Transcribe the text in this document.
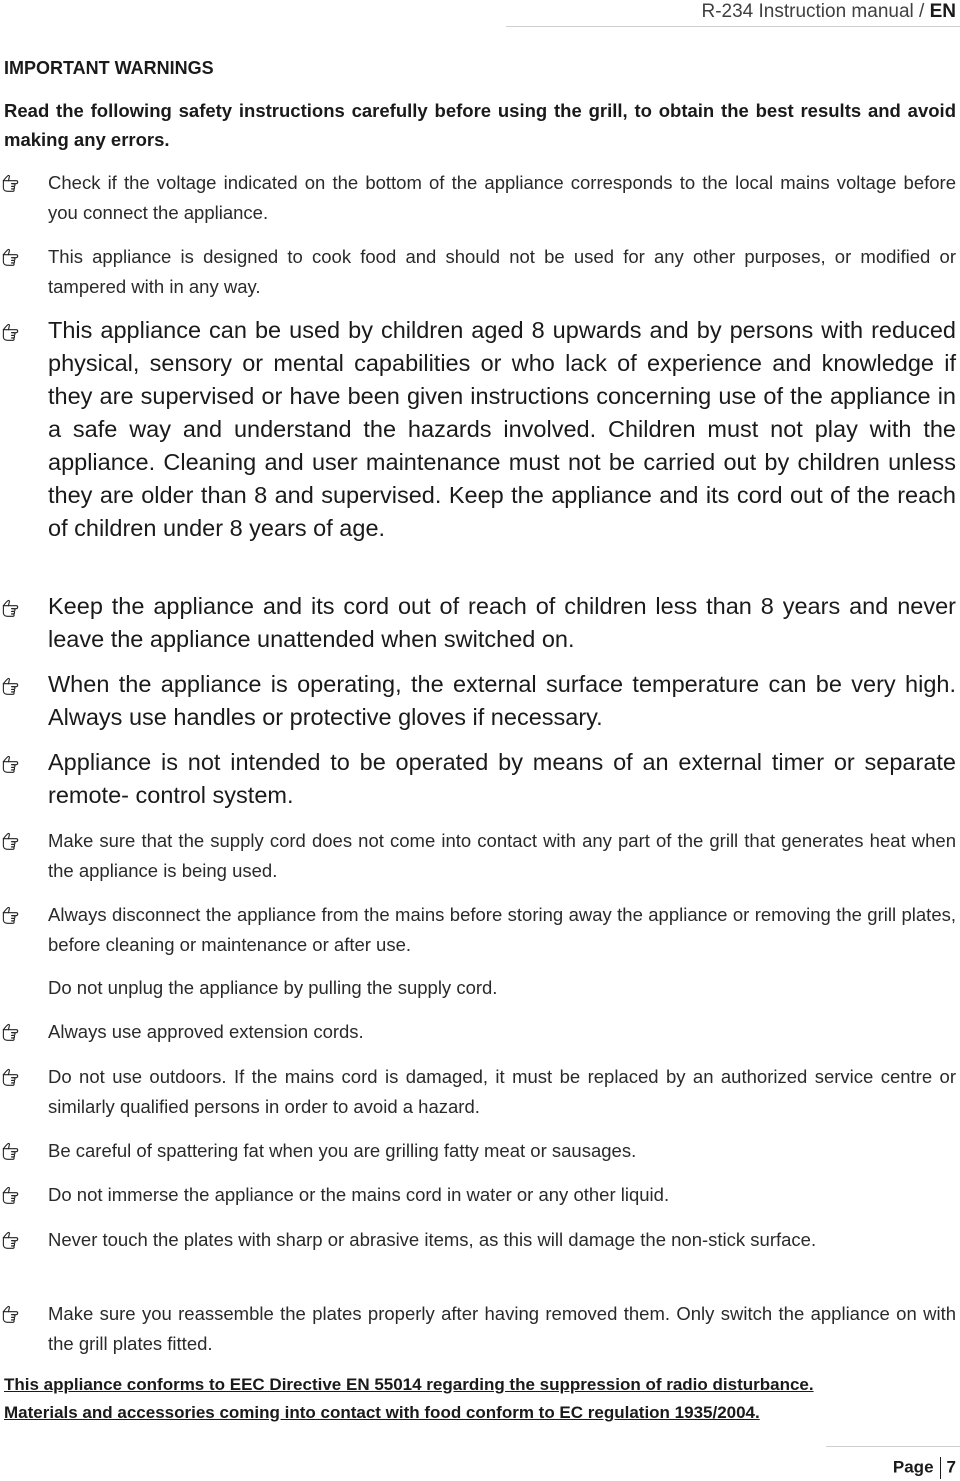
R-234 Instruction manual / EN
IMPORTANT WARNINGS
Read the following safety instructions carefully before using the grill, to obtain the best results and avoid making any errors.
Check if the voltage indicated on the bottom of the appliance corresponds to the local mains voltage before you connect the appliance.
This appliance is designed to cook food and should not be used for any other purposes, or modified or tampered with in any way.
This appliance can be used by children aged 8 upwards and by persons with reduced physical, sensory or mental capabilities or who lack of experience and knowledge if they are supervised or have been given instructions concerning use of the appliance in a safe way and understand the hazards involved. Children must not play with the appliance. Cleaning and user maintenance must not be carried out by children unless they are older than 8 and supervised. Keep the appliance and its cord out of the reach of children under 8 years of age.
Keep the appliance and its cord out of reach of children less than 8 years and never leave the appliance unattended when switched on.
When the appliance is operating, the external surface temperature can be very high. Always use handles or protective gloves if necessary.
Appliance is not intended to be operated by means of an external timer or separate remote- control system.
Make sure that the supply cord does not come into contact with any part of the grill that generates heat when the appliance is being used.
Always disconnect the appliance from the mains before storing away the appliance or removing the grill plates, before cleaning or maintenance or after use.
Do not unplug the appliance by pulling the supply cord.
Always use approved extension cords.
Do not use outdoors. If the mains cord is damaged, it must be replaced by an authorized service centre or similarly qualified persons in order to avoid a hazard.
Be careful of spattering fat when you are grilling fatty meat or sausages.
Do not immerse the appliance or the mains cord in water or any other liquid.
Never touch the plates with sharp or abrasive items, as this will damage the non-stick surface.
Make sure you reassemble the plates properly after having removed them. Only switch the appliance on with the grill plates fitted.
This appliance conforms to EEC Directive EN 55014 regarding the suppression of radio disturbance.
Materials and accessories coming into contact with food conform to EC regulation 1935/2004.
Page 7
